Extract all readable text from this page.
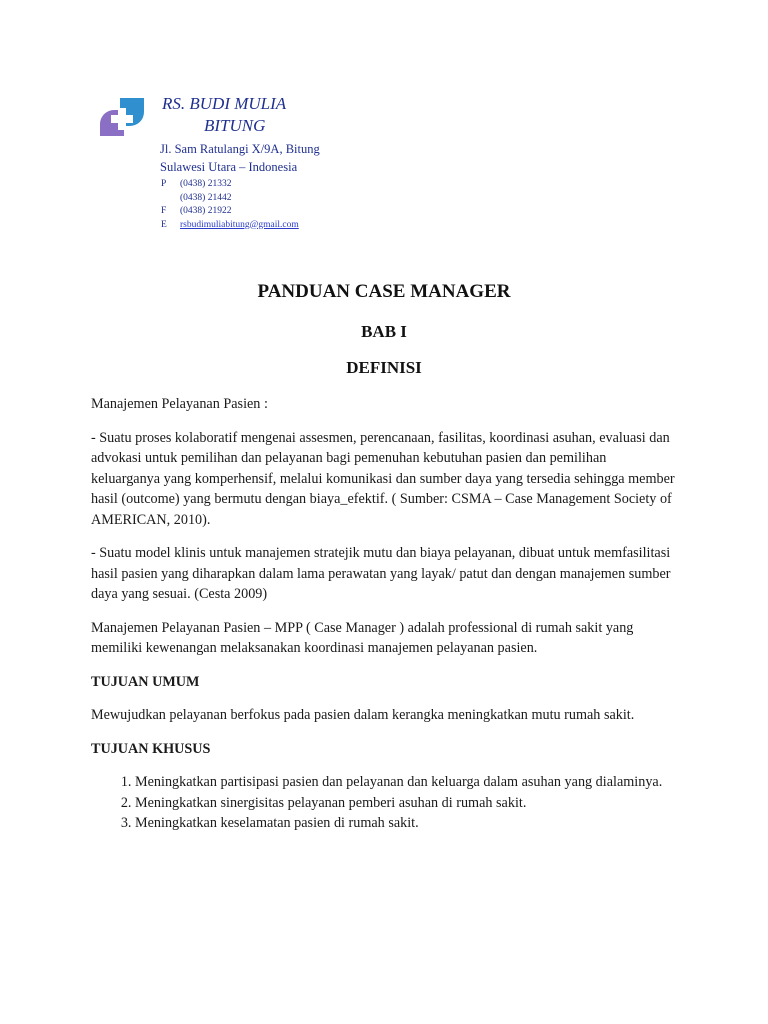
RS. BUDI MULIA
BITUNG
Jl. Sam Ratulangi X/9A, Bitung
Sulawesi Utara – Indonesia
P	(0438) 21332
(0438) 21442
F	(0438) 21922
E	rsbudimuliabitung@gmail.com
PANDUAN CASE MANAGER
BAB I
DEFINISI

Manajemen Pelayanan Pasien :

- Suatu proses kolaboratif mengenai assesmen, perencanaan, fasilitas, koordinasi asuhan, evaluasi dan advokasi untuk pemilihan dan pelayanan bagi pemenuhan kebutuhan pasien dan pemilihan keluarganya yang komperhensif, melalui komunikasi dan sumber daya yang tersedia sehingga member hasil (outcome) yang bermutu dengan biaya_efektif. ( Sumber: CSMA – Case Management Society of AMERICAN, 2010).

- Suatu model klinis untuk manajemen stratejik mutu dan biaya pelayanan, dibuat untuk memfasilitasi hasil pasien yang diharapkan dalam lama perawatan yang layak/ patut dan dengan manajemen sumber daya yang sesuai. (Cesta 2009)

Manajemen Pelayanan Pasien – MPP ( Case Manager ) adalah professional di rumah sakit yang memiliki kewenangan melaksanakan koordinasi manajemen pelayanan pasien.

TUJUAN UMUM

Mewujudkan pelayanan berfokus pada pasien dalam kerangka meningkatkan mutu rumah sakit.

TUJUAN KHUSUS
1. Meningkatkan partisipasi pasien dan pelayanan dan keluarga dalam asuhan yang dialaminya.
2. Meningkatkan sinergisitas pelayanan pemberi asuhan di rumah sakit.
3. Meningkatkan keselamatan pasien di rumah sakit.
